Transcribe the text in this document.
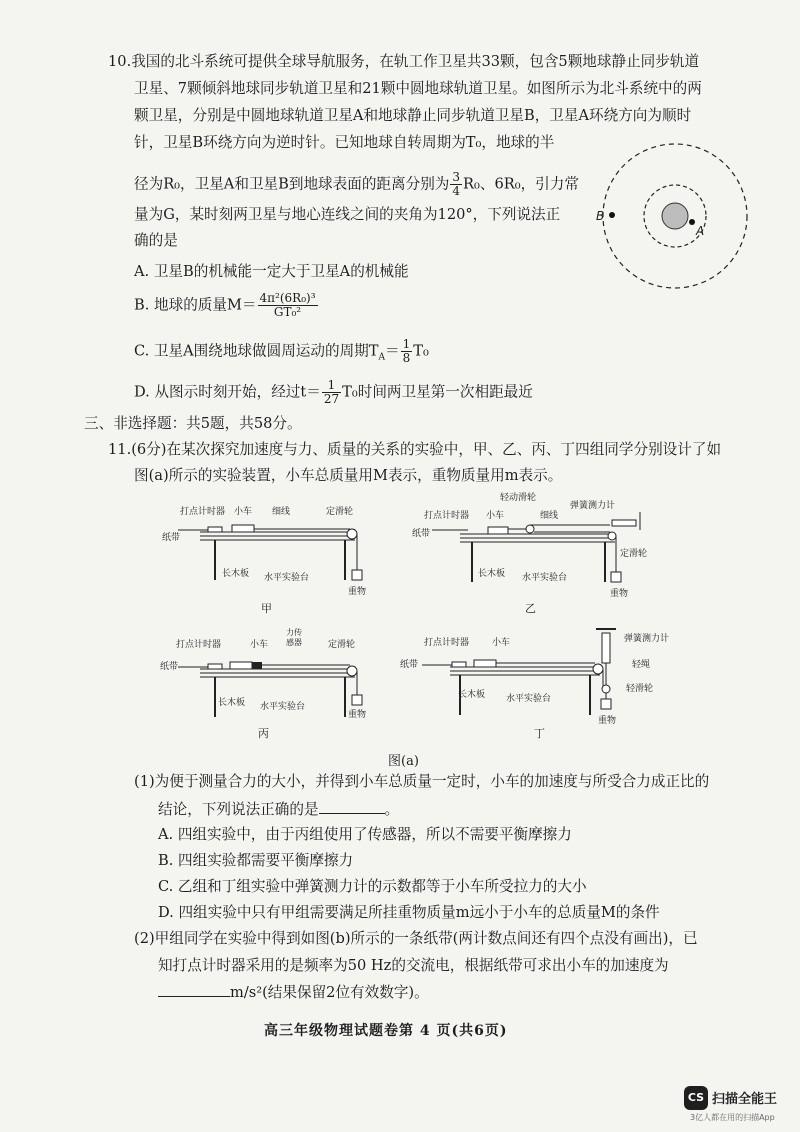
10.我国的北斗系统可提供全球导航服务，在轨工作卫星共33颗，包含5颗地球静止同步轨道
卫星、7颗倾斜地球同步轨道卫星和21颗中圆地球轨道卫星。如图所示为北斗系统中的两
颗卫星，分别是中圆地球轨道卫星A和地球静止同步轨道卫星B，卫星A环绕方向为顺时
针，卫星B环绕方向为逆时针。已知地球自转周期为T₀，地球的半
径为R₀，卫星A和卫星B到地球表面的距离分别为 $\frac{3}{4} R_0$、6R₀，引力常
量为G，某时刻两卫星与地心连线之间的夹角为120°，下列说法正
确的是
B
A
A. 卫星B的机械能一定大于卫星A的机械能
B. 地球的质量$M= \frac{\text{4π²(6R₀)³}}{\text{GT₀²}}$
C. 卫星A围绕地球做圆周运动的周期$T_A= \frac{1}{8} T_0$
D. 从图示时刻开始，经过$t= \frac{1}{27} T_0$时间两卫星第一次相距最近
三、非选择题：共5题，共58分。
11.(6分)在某次探究加速度与力、质量的关系的实验中，甲、乙、丙、丁四组同学分别设计了如
图(a)所示的实验装置，小车总质量用M表示，重物质量用m表示。
打点计时器 小车 细线	定滑轮
纸带
长木板 水平实验台
重物
甲
轻动滑轮
弹簧测力计
打点计时器 小车	细线
纸带
定滑轮
长木板 水平实验台
重物
乙
力传
感器
打点计时器	小车	定滑轮
纸带
长木板 水平实验台
重物
丙
弹簧测力计
打点计时器	小车
轻绳
纸带
轻滑轮
长木板 水平实验台
重物
丁
图(a)
(1)为便于测量合力的大小，并得到小车总质量一定时，小车的加速度与所受合力成正比的
结论，下列说法正确的是	。
A. 四组实验中，由于丙组使用了传感器，所以不需要平衡摩擦力
B. 四组实验都需要平衡摩擦力
C. 乙组和丁组实验中弹簧测力计的示数都等于小车所受拉力的大小
D. 四组实验中只有甲组需要满足所挂重物质量m远小于小车的总质量M的条件
(2)甲组同学在实验中得到如图(b)所示的一条纸带(两计数点间还有四个点没有画出)，已
知打点计时器采用的是频率为50 Hz的交流电，根据纸带可求出小车的加速度为
m/s²(结果保留2位有效数字)。
高三年级物理试题卷第 4 页(共6页)
CS 扫描全能王
3亿人都在用的扫描App
